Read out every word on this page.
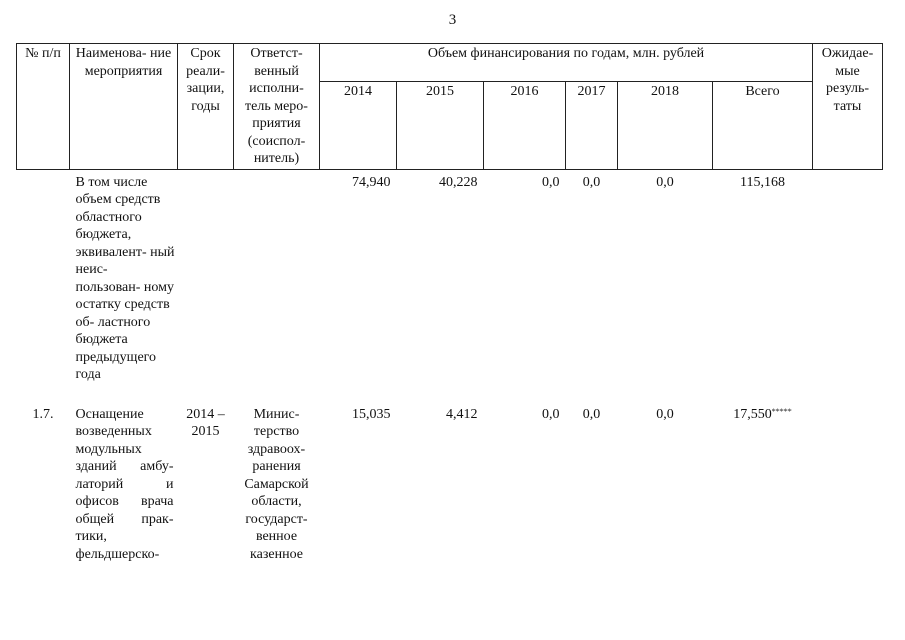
3
№ п/п	Наименова- ние мероприятия	Срок реали- зации, годы	Ответст- венный исполни- тель меро- приятия (соиспол- нитель)	Объем финансирования по годам, млн. рублей						Ожидае- мые резуль- таты
				2014	2015	2016	2017	2018	Всего	
	В том числе объем средств областного бюджета, эквивалент- ный неис- пользован- ному остатку средств об- ластного бюджета предыдущего года			74,940	40,228	0,0	0,0	0,0	115,168	
1.7.	Оснащение возведенных модульных зданий амбу- латорий и офисов врача общей прак- тики, фельдшерско-	2014 – 2015	Минис- терство здравоох- ранения Самарской области, государст- венное казенное	15,035	4,412	0,0	0,0	0,0	17,550*****	
